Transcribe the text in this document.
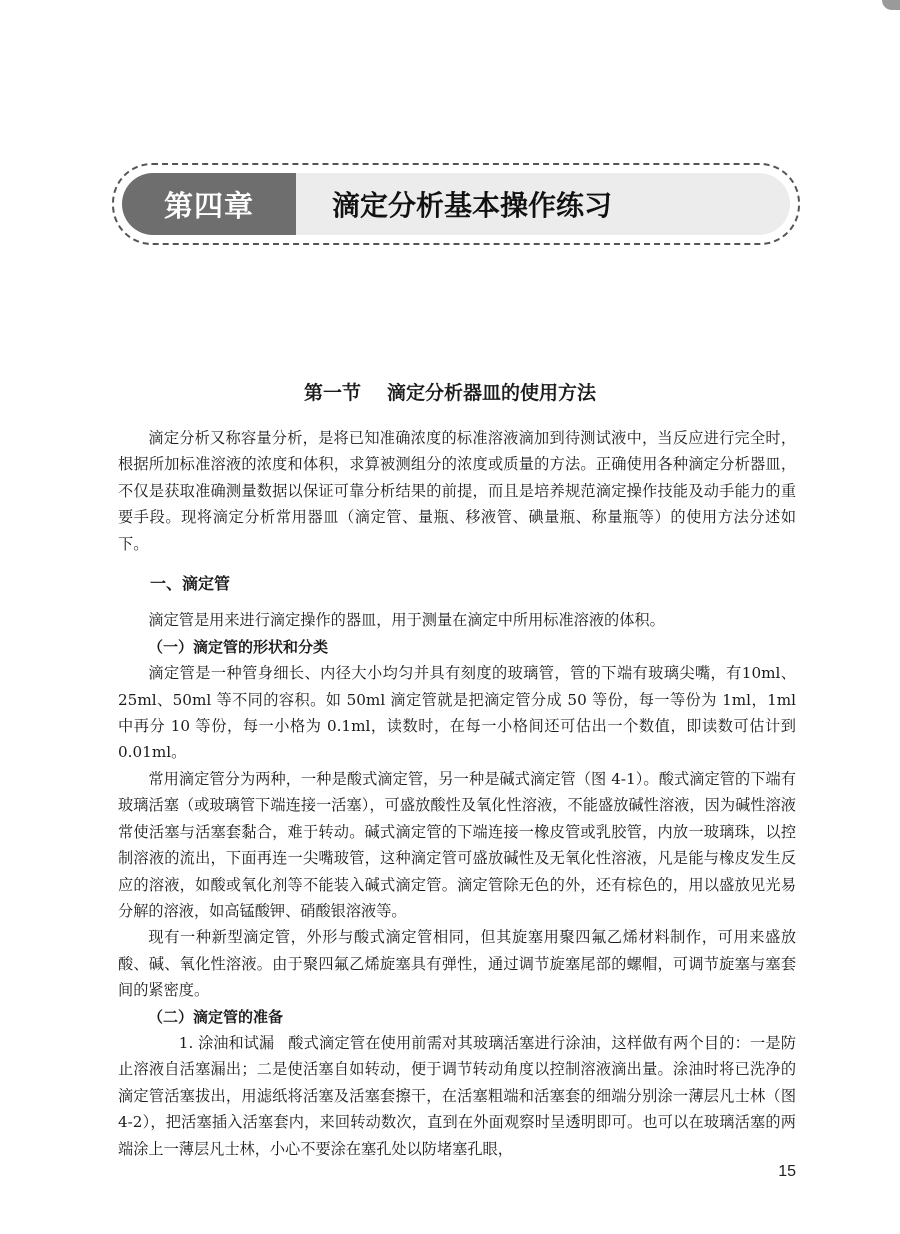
第四章	滴定分析基本操作练习
第一节 滴定分析器皿的使用方法

滴定分析又称容量分析，是将已知准确浓度的标准溶液滴加到待测试液中，当反应进行完全时，根据所加标准溶液的浓度和体积，求算被测组分的浓度或质量的方法。正确使用各种滴定分析器皿，不仅是获取准确测量数据以保证可靠分析结果的前提，而且是培养规范滴定操作技能及动手能力的重要手段。现将滴定分析常用器皿（滴定管、量瓶、移液管、碘量瓶、称量瓶等）的使用方法分述如下。

一、滴定管

滴定管是用来进行滴定操作的器皿，用于测量在滴定中所用标准溶液的体积。

（一）滴定管的形状和分类

滴定管是一种管身细长、内径大小均匀并具有刻度的玻璃管，管的下端有玻璃尖嘴，有10ml、25ml、50ml 等不同的容积。如 50ml 滴定管就是把滴定管分成 50 等份，每一等份为 1ml，1ml 中再分 10 等份，每一小格为 0.1ml，读数时，在每一小格间还可估出一个数值，即读数可估计到 0.01ml。

常用滴定管分为两种，一种是酸式滴定管，另一种是碱式滴定管（图 4-1）。酸式滴定管的下端有玻璃活塞（或玻璃管下端连接一活塞），可盛放酸性及氧化性溶液，不能盛放碱性溶液，因为碱性溶液常使活塞与活塞套黏合，难于转动。碱式滴定管的下端连接一橡皮管或乳胶管，内放一玻璃珠，以控制溶液的流出，下面再连一尖嘴玻管，这种滴定管可盛放碱性及无氧化性溶液，凡是能与橡皮发生反应的溶液，如酸或氧化剂等不能装入碱式滴定管。滴定管除无色的外，还有棕色的，用以盛放见光易分解的溶液，如高锰酸钾、硝酸银溶液等。

现有一种新型滴定管，外形与酸式滴定管相同，但其旋塞用聚四氟乙烯材料制作，可用来盛放酸、碱、氧化性溶液。由于聚四氟乙烯旋塞具有弹性，通过调节旋塞尾部的螺帽，可调节旋塞与塞套间的紧密度。

（二）滴定管的准备

1. 涂油和试漏 酸式滴定管在使用前需对其玻璃活塞进行涂油，这样做有两个目的：一是防止溶液自活塞漏出；二是使活塞自如转动，便于调节转动角度以控制溶液滴出量。涂油时将已洗净的滴定管活塞拔出，用滤纸将活塞及活塞套擦干，在活塞粗端和活塞套的细端分别涂一薄层凡士林（图 4-2），把活塞插入活塞套内，来回转动数次，直到在外面观察时呈透明即可。也可以在玻璃活塞的两端涂上一薄层凡士林，小心不要涂在塞孔处以防堵塞孔眼，

15
